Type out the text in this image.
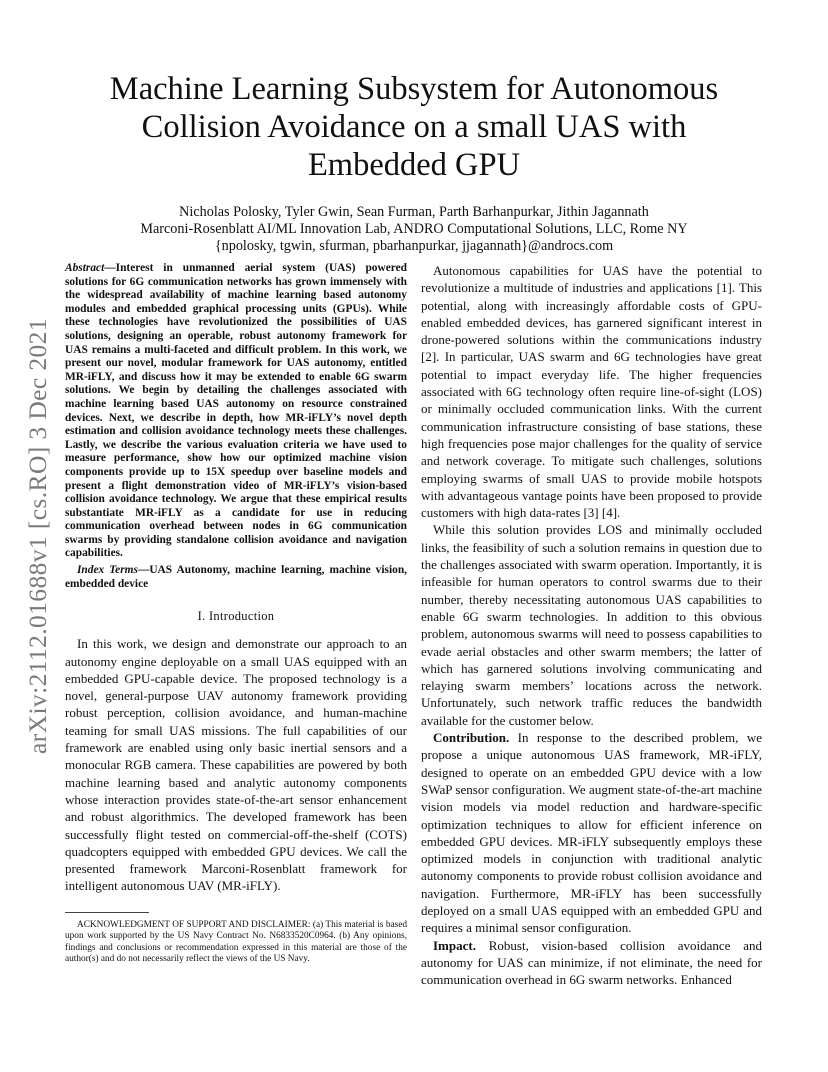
arXiv:2112.01688v1 [cs.RO] 3 Dec 2021
Machine Learning Subsystem for Autonomous
Collision Avoidance on a small UAS with
Embedded GPU
Nicholas Polosky, Tyler Gwin, Sean Furman, Parth Barhanpurkar, Jithin Jagannath
Marconi-Rosenblatt AI/ML Innovation Lab, ANDRO Computational Solutions, LLC, Rome NY
{npolosky, tgwin, sfurman, pbarhanpurkar, jjagannath}@androcs.com

Abstract—Interest in unmanned aerial system (UAS) powered solutions for 6G communication networks has grown immensely with the widespread availability of machine learning based autonomy modules and embedded graphical processing units (GPUs). While these technologies have revolutionized the possibilities of UAS solutions, designing an operable, robust autonomy framework for UAS remains a multi-faceted and difficult problem. In this work, we present our novel, modular framework for UAS autonomy, entitled MR-iFLY, and discuss how it may be extended to enable 6G swarm solutions. We begin by detailing the challenges associated with machine learning based UAS autonomy on resource constrained devices. Next, we describe in depth, how MR-iFLY’s novel depth estimation and collision avoidance technology meets these challenges. Lastly, we describe the various evaluation criteria we have used to measure performance, show how our optimized machine vision components provide up to 15X speedup over baseline models and present a flight demonstration video of MR-iFLY’s vision-based collision avoidance technology. We argue that these empirical results substantiate MR-iFLY as a candidate for use in reducing communication overhead between nodes in 6G communication swarms by providing standalone collision avoidance and navigation capabilities.

Index Terms—UAS Autonomy, machine learning, machine vision, embedded device

I. Introduction

In this work, we design and demonstrate our approach to an autonomy engine deployable on a small UAS equipped with an embedded GPU-capable device. The proposed technology is a novel, general-purpose UAV autonomy framework providing robust perception, collision avoidance, and human-machine teaming for small UAS missions. The full capabilities of our framework are enabled using only basic inertial sensors and a monocular RGB camera. These capabilities are powered by both machine learning based and analytic autonomy components whose interaction provides state-of-the-art sensor enhancement and robust algorithmics. The developed framework has been successfully flight tested on commercial-off-the-shelf (COTS) quadcopters equipped with embedded GPU devices. We call the presented framework Marconi-Rosenblatt framework for intelligent autonomous UAV (MR-iFLY).

ACKNOWLEDGMENT OF SUPPORT AND DISCLAIMER: (a) This material is based upon work supported by the US Navy Contract No. N6833520C0964. (b) Any opinions, findings and conclusions or recommendation expressed in this material are those of the author(s) and do not necessarily reflect the views of the US Navy.

Autonomous capabilities for UAS have the potential to revolutionize a multitude of industries and applications [1]. This potential, along with increasingly affordable costs of GPU-enabled embedded devices, has garnered significant interest in drone-powered solutions within the communications industry [2]. In particular, UAS swarm and 6G technologies have great potential to impact everyday life. The higher frequencies associated with 6G technology often require line-of-sight (LOS) or minimally occluded communication links. With the current communication infrastructure consisting of base stations, these high frequencies pose major challenges for the quality of service and network coverage. To mitigate such challenges, solutions employing swarms of small UAS to provide mobile hotspots with advantageous vantage points have been proposed to provide customers with high data-rates [3] [4].

While this solution provides LOS and minimally occluded links, the feasibility of such a solution remains in question due to the challenges associated with swarm operation. Importantly, it is infeasible for human operators to control swarms due to their number, thereby necessitating autonomous UAS capabilities to enable 6G swarm technologies. In addition to this obvious problem, autonomous swarms will need to possess capabilities to evade aerial obstacles and other swarm members; the latter of which has garnered solutions involving communicating and relaying swarm members’ locations across the network. Unfortunately, such network traffic reduces the bandwidth available for the customer below.

Contribution. In response to the described problem, we propose a unique autonomous UAS framework, MR-iFLY, designed to operate on an embedded GPU device with a low SWaP sensor configuration. We augment state-of-the-art machine vision models via model reduction and hardware-specific optimization techniques to allow for efficient inference on embedded GPU devices. MR-iFLY subsequently employs these optimized models in conjunction with traditional analytic autonomy components to provide robust collision avoidance and navigation. Furthermore, MR-iFLY has been successfully deployed on a small UAS equipped with an embedded GPU and requires a minimal sensor configuration.

Impact. Robust, vision-based collision avoidance and autonomy for UAS can minimize, if not eliminate, the need for communication overhead in 6G swarm networks. Enhanced
